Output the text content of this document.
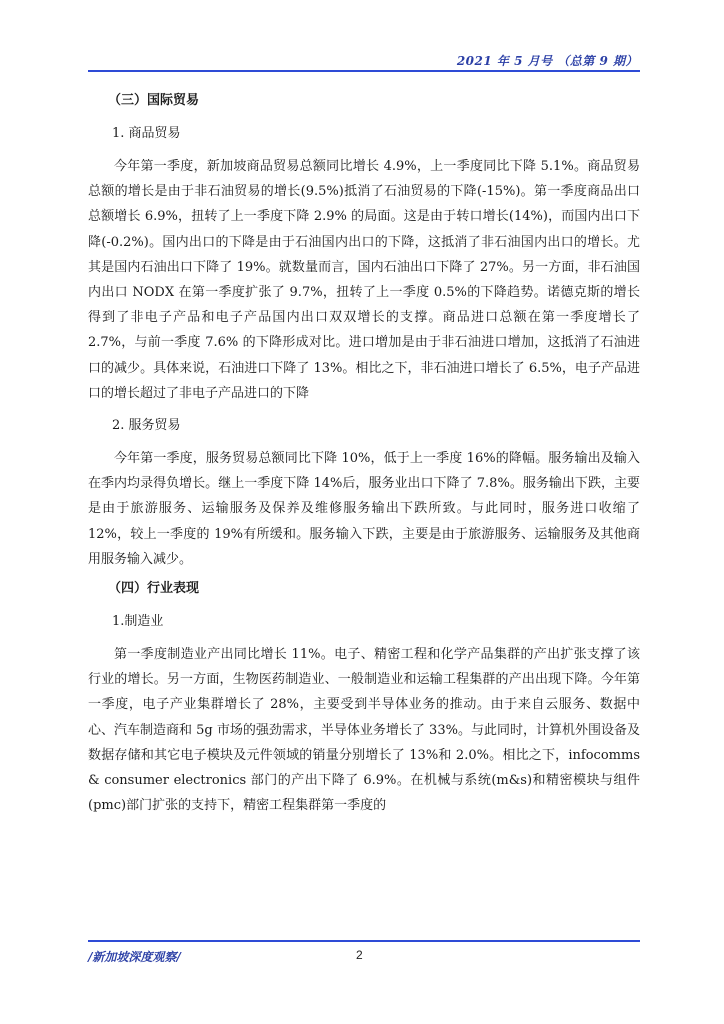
2021 年 5 月号 （总第 9 期）
（三）国际贸易
1. 商品贸易

今年第一季度，新加坡商品贸易总额同比增长 4.9%，上一季度同比下降 5.1%。商品贸易总额的增长是由于非石油贸易的增长(9.5%)抵消了石油贸易的下降(-15%)。第一季度商品出口总额增长 6.9%，扭转了上一季度下降 2.9% 的局面。这是由于转口增长(14%)，而国内出口下降(-0.2%)。国内出口的下降是由于石油国内出口的下降，这抵消了非石油国内出口的增长。尤其是国内石油出口下降了 19%。就数量而言，国内石油出口下降了 27%。另一方面，非石油国内出口 NODX 在第一季度扩张了 9.7%，扭转了上一季度 0.5%的下降趋势。诺德克斯的增长得到了非电子产品和电子产品国内出口双双增长的支撑。商品进口总额在第一季度增长了 2.7%，与前一季度 7.6% 的下降形成对比。进口增加是由于非石油进口增加，这抵消了石油进口的减少。具体来说，石油进口下降了 13%。相比之下，非石油进口增长了 6.5%，电子产品进口的增长超过了非电子产品进口的下降

2. 服务贸易

今年第一季度，服务贸易总额同比下降 10%，低于上一季度 16%的降幅。服务输出及输入在季内均录得负增长。继上一季度下降 14%后，服务业出口下降了 7.8%。服务输出下跌，主要是由于旅游服务、运输服务及保养及维修服务输出下跌所致。与此同时，服务进口收缩了 12%，较上一季度的 19%有所缓和。服务输入下跌，主要是由于旅游服务、运输服务及其他商用服务输入减少。

（四）行业表现
1.制造业

第一季度制造业产出同比增长 11%。电子、精密工程和化学产品集群的产出扩张支撑了该行业的增长。另一方面，生物医药制造业、一般制造业和运输工程集群的产出出现下降。今年第一季度，电子产业集群增长了 28%，主要受到半导体业务的推动。由于来自云服务、数据中心、汽车制造商和 5g 市场的强劲需求，半导体业务增长了 33%。与此同时，计算机外围设备及数据存储和其它电子模块及元件领域的销量分别增长了 13%和 2.0%。相比之下，infocomms & consumer electronics 部门的产出下降了 6.9%。在机械与系统(m&s)和精密模块与组件(pmc)部门扩张的支持下，精密工程集群第一季度的

/新加坡深度观察/	2
